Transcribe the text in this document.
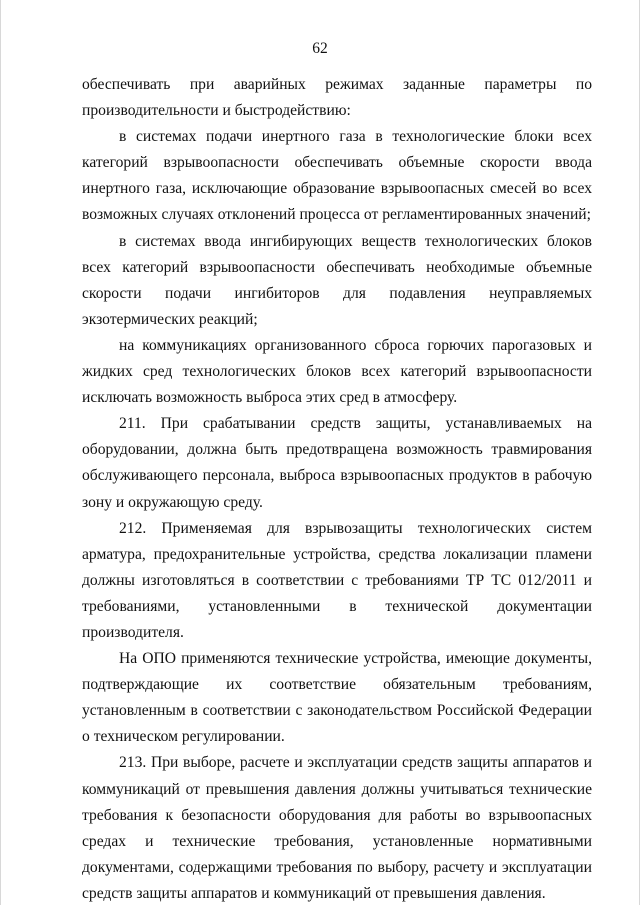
62

обеспечивать при аварийных режимах заданные параметры по производительности и быстродействию:

в системах подачи инертного газа в технологические блоки всех категорий взрывоопасности обеспечивать объемные скорости ввода инертного газа, исключающие образование взрывоопасных смесей во всех возможных случаях отклонений процесса от регламентированных значений;

в системах ввода ингибирующих веществ технологических блоков всех категорий взрывоопасности обеспечивать необходимые объемные скорости подачи ингибиторов для подавления неуправляемых экзотермических реакций;

на коммуникациях организованного сброса горючих парогазовых и жидких сред технологических блоков всех категорий взрывоопасности исключать возможность выброса этих сред в атмосферу.

211. При срабатывании средств защиты, устанавливаемых на оборудовании, должна быть предотвращена возможность травмирования обслуживающего персонала, выброса взрывоопасных продуктов в рабочую зону и окружающую среду.

212. Применяемая для взрывозащиты технологических систем арматура, предохранительные устройства, средства локализации пламени должны изготовляться в соответствии с требованиями ТР ТС 012/2011 и требованиями, установленными в технической документации производителя.

На ОПО применяются технические устройства, имеющие документы, подтверждающие их соответствие обязательным требованиям, установленным в соответствии с законодательством Российской Федерации о техническом регулировании.

213. При выборе, расчете и эксплуатации средств защиты аппаратов и коммуникаций от превышения давления должны учитываться технические требования к безопасности оборудования для работы во взрывоопасных средах и технические требования, установленные нормативными документами, содержащими требования по выбору, расчету и эксплуатации средств защиты аппаратов и коммуникаций от превышения давления.
